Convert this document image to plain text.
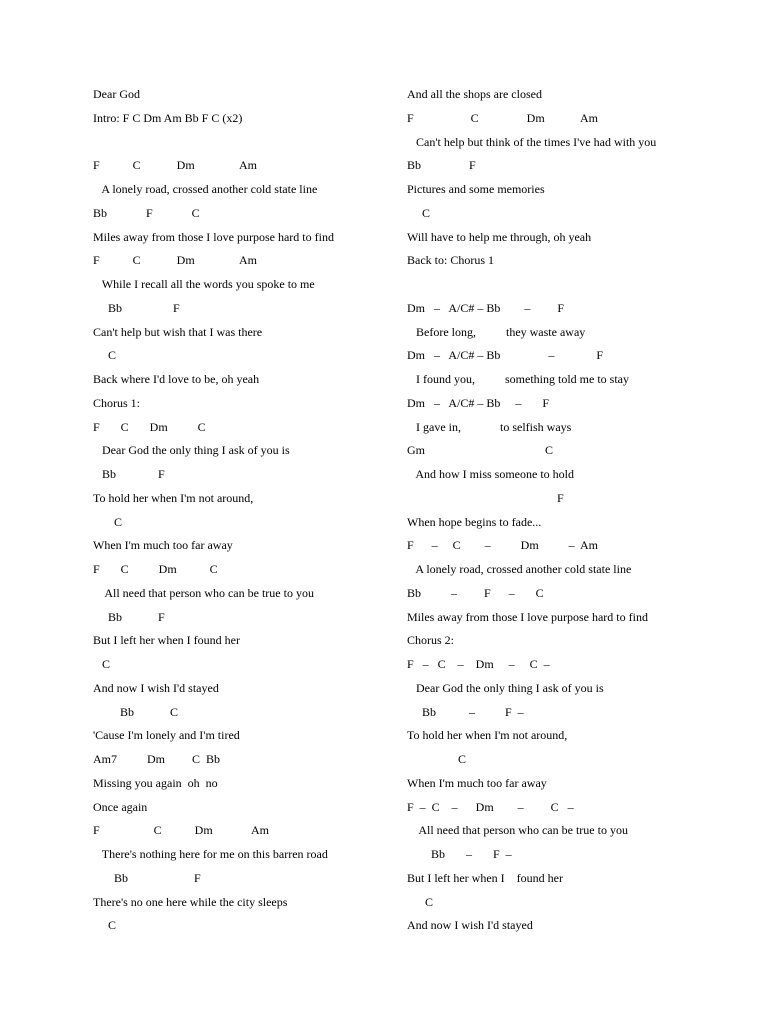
Dear God
Intro: F C Dm Am Bb F C (x2)
F           C            Dm               Am
A lonely road, crossed another cold state line
Bb             F             C
Miles away from those I love purpose hard to find
F           C            Dm               Am
While I recall all the words you spoke to me
Bb                 F
Can't help but wish that I was there
C
Back where I'd love to be, oh yeah
Chorus 1:
F       C       Dm          C
Dear God the only thing I ask of you is
Bb              F
To hold her when I'm not around,
C
When I'm much too far away
F       C          Dm           C
All need that person who can be true to you
Bb            F
But I left her when I found her
C
And now I wish I'd stayed
Bb            C
'Cause I'm lonely and I'm tired
Am7          Dm         C  Bb
Missing you again  oh  no
Once again
F                  C           Dm             Am
There's nothing here for me on this barren road
Bb                      F
There's no one here while the city sleeps
C
And all the shops are closed
F                   C                Dm            Am
Can't help but think of the times I've had with you
Bb                F
Pictures and some memories
C
Will have to help me through, oh yeah
Back to: Chorus 1
Dm   –   A/C# – Bb        –         F
Before long,          they waste away
Dm   –   A/C# – Bb                –              F
I found you,          something told me to stay
Dm   –   A/C# – Bb     –       F
I gave in,             to selfish ways
Gm                                        C
And how I miss someone to hold
F
When hope begins to fade...
F      –     C        –          Dm          –  Am
A lonely road, crossed another cold state line
Bb          –         F      –       C
Miles away from those I love purpose hard to find
Chorus 2:
F   –   C    –    Dm     –     C  –
Dear God the only thing I ask of you is
Bb           –          F  –
To hold her when I'm not around,
C
When I'm much too far away
F  –  C    –      Dm        –         C   –
All need that person who can be true to you
Bb       –       F  –
But I left her when I    found her
C
And now I wish I'd stayed
